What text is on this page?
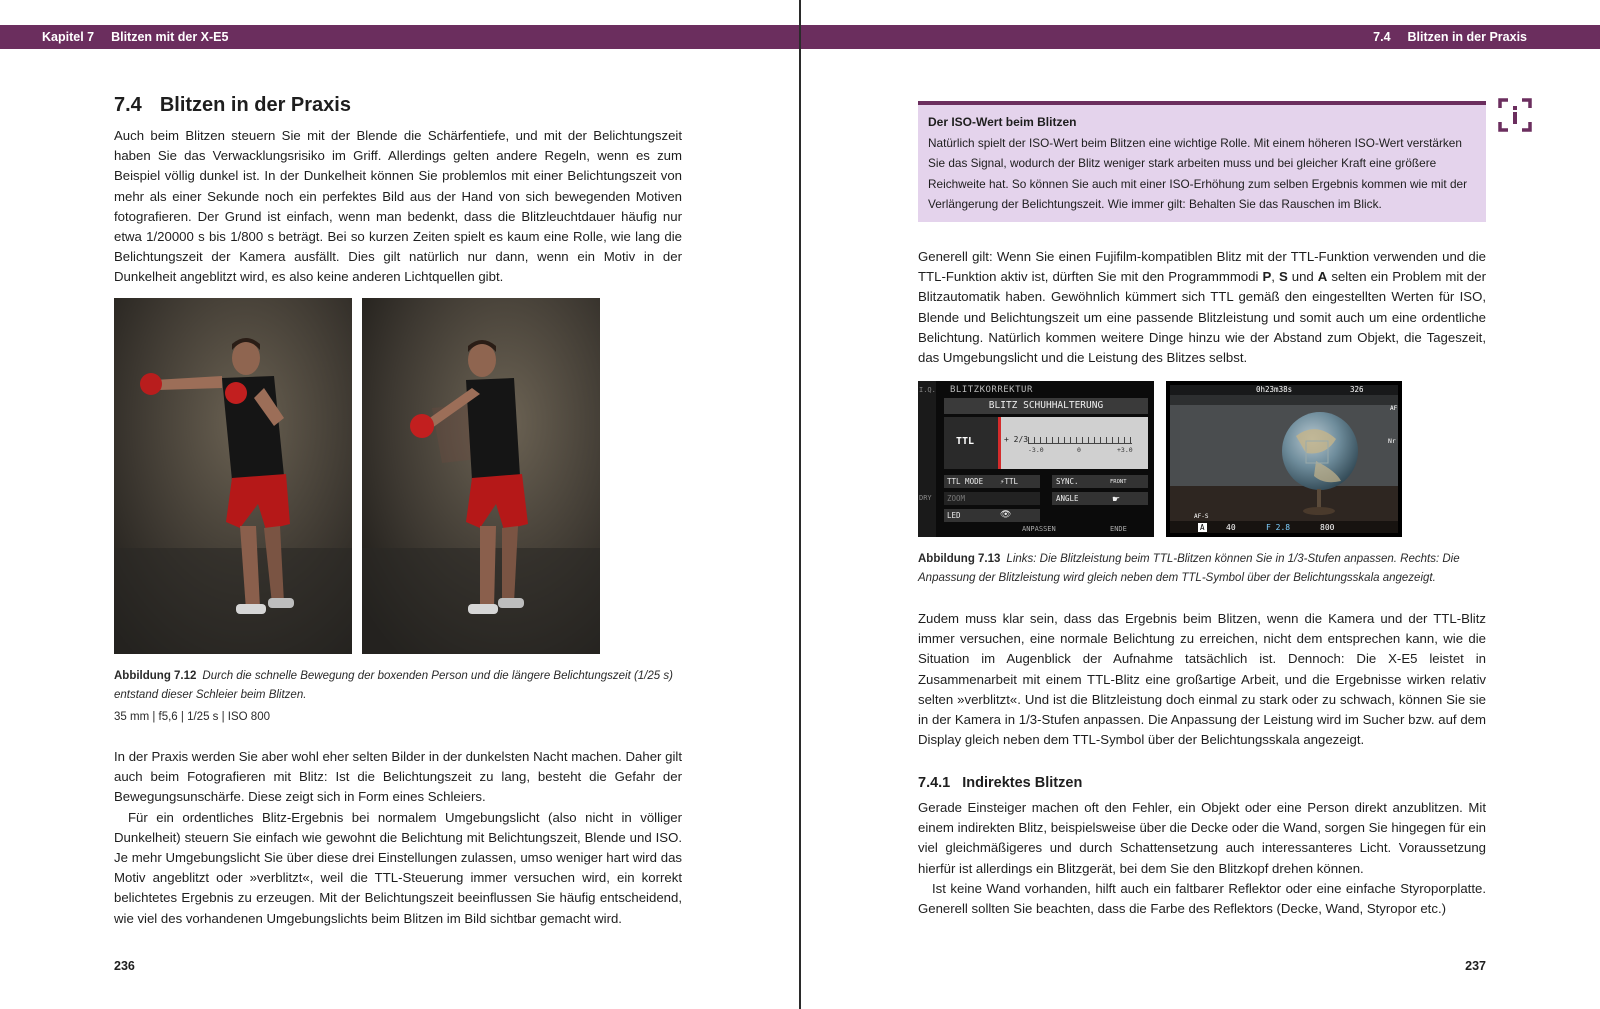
Kapitel 7 Blitzen mit der X-E5	7.4 Blitzen in der Praxis
7.4 Blitzen in der Praxis

Auch beim Blitzen steuern Sie mit der Blende die Schärfentiefe, und mit der Belichtungszeit haben Sie das Verwacklungsrisiko im Griff. Allerdings gelten andere Regeln, wenn es zum Beispiel völlig dunkel ist. In der Dunkelheit können Sie problemlos mit einer Belichtungszeit von mehr als einer Sekunde noch ein perfektes Bild aus der Hand von sich bewegenden Motiven fotografieren. Der Grund ist einfach, wenn man bedenkt, dass die Blitzleuchtdauer häufig nur etwa 1/20000 s bis 1/800 s beträgt. Bei so kurzen Zeiten spielt es kaum eine Rolle, wie lang die Belichtungszeit der Kamera ausfällt. Dies gilt natürlich nur dann, wenn ein Motiv in der Dunkelheit angeblitzt wird, es also keine anderen Lichtquellen gibt.

Abbildung 7.12 Durch die schnelle Bewegung der boxenden Person und die längere Belichtungszeit (1/25 s) entstand dieser Schleier beim Blitzen.
35 mm | f5,6 | 1/25 s | ISO 800

In der Praxis werden Sie aber wohl eher selten Bilder in der dunkelsten Nacht machen. Daher gilt auch beim Fotografieren mit Blitz: Ist die Belichtungszeit zu lang, besteht die Gefahr der Bewegungsunschärfe. Diese zeigt sich in Form eines Schleiers.

Für ein ordentliches Blitz-Ergebnis bei normalem Umgebungslicht (also nicht in völliger Dunkelheit) steuern Sie einfach wie gewohnt die Belichtung mit Belichtungszeit, Blende und ISO. Je mehr Umgebungslicht Sie über diese drei Einstellungen zulassen, umso weniger hart wird das Motiv angeblitzt oder »verblitzt«, weil die TTL-Steuerung immer versuchen wird, ein korrekt belichtetes Ergebnis zu erzeugen. Mit der Belichtungszeit beeinflussen Sie häufig entscheidend, wie viel des vorhandenen Umgebungslichts beim Blitzen im Bild sichtbar gemacht wird.

236
Der ISO-Wert beim Blitzen
Natürlich spielt der ISO-Wert beim Blitzen eine wichtige Rolle. Mit einem höheren ISO-Wert verstärken Sie das Signal, wodurch der Blitz weniger stark arbeiten muss und bei gleicher Kraft eine größere Reichweite hat. So können Sie auch mit einer ISO-Erhöhung zum selben Ergebnis kommen wie mit der Verlängerung der Belichtungszeit. Wie immer gilt: Behalten Sie das Rauschen im Blick.

Generell gilt: Wenn Sie einen Fujifilm-kompatiblen Blitz mit der TTL-Funktion verwenden und die TTL-Funktion aktiv ist, dürften Sie mit den Programmmodi P, S und A selten ein Problem mit der Blitzautomatik haben. Gewöhnlich kümmert sich TTL gemäß den eingestellten Werten für ISO, Blende und Belichtungszeit um eine passende Blitzleistung und somit auch um eine ordentliche Belichtung. Natürlich kommen weitere Dinge hinzu wie der Abstand zum Objekt, die Tageszeit, das Umgebungslicht und die Leistung des Blitzes selbst.

I.Q.
DRY
BLITZKORREKTUR
BLITZ SCHUHHALTERUNG
TTL	+ 2/3
-3.0	0	+3.0
TTL MODE ⚡TTL	SYNC.	FRONT
ZOOM	ANGLE	☛
LED	👁
ANPASSEN	ENDE
0h23m38s	326
AF
Nr
AF-S
A	40	F 2.8	800
Abbildung 7.13 Links: Die Blitzleistung beim TTL-Blitzen können Sie in 1/3-Stufen anpassen. Rechts: Die Anpassung der Blitzleistung wird gleich neben dem TTL-Symbol über der Belichtungsskala angezeigt.

Zudem muss klar sein, dass das Ergebnis beim Blitzen, wenn die Kamera und der TTL-Blitz immer versuchen, eine normale Belichtung zu erreichen, nicht dem entsprechen kann, wie die Situation im Augenblick der Aufnahme tatsächlich ist. Dennoch: Die X-E5 leistet in Zusammenarbeit mit einem TTL-Blitz eine großartige Arbeit, und die Ergebnisse wirken relativ selten »verblitzt«. Und ist die Blitzleistung doch einmal zu stark oder zu schwach, können Sie sie in der Kamera in 1/3-Stufen anpassen. Die Anpassung der Leistung wird im Sucher bzw. auf dem Display gleich neben dem TTL-Symbol über der Belichtungsskala angezeigt.

7.4.1 Indirektes Blitzen

Gerade Einsteiger machen oft den Fehler, ein Objekt oder eine Person direkt anzublitzen. Mit einem indirekten Blitz, beispielsweise über die Decke oder die Wand, sorgen Sie hingegen für ein viel gleichmäßigeres und durch Schattensetzung auch interessanteres Licht. Voraussetzung hierfür ist allerdings ein Blitzgerät, bei dem Sie den Blitzkopf drehen können.

Ist keine Wand vorhanden, hilft auch ein faltbarer Reflektor oder eine einfache Styroporplatte. Generell sollten Sie beachten, dass die Farbe des Reflektors (Decke, Wand, Styropor etc.)

237
